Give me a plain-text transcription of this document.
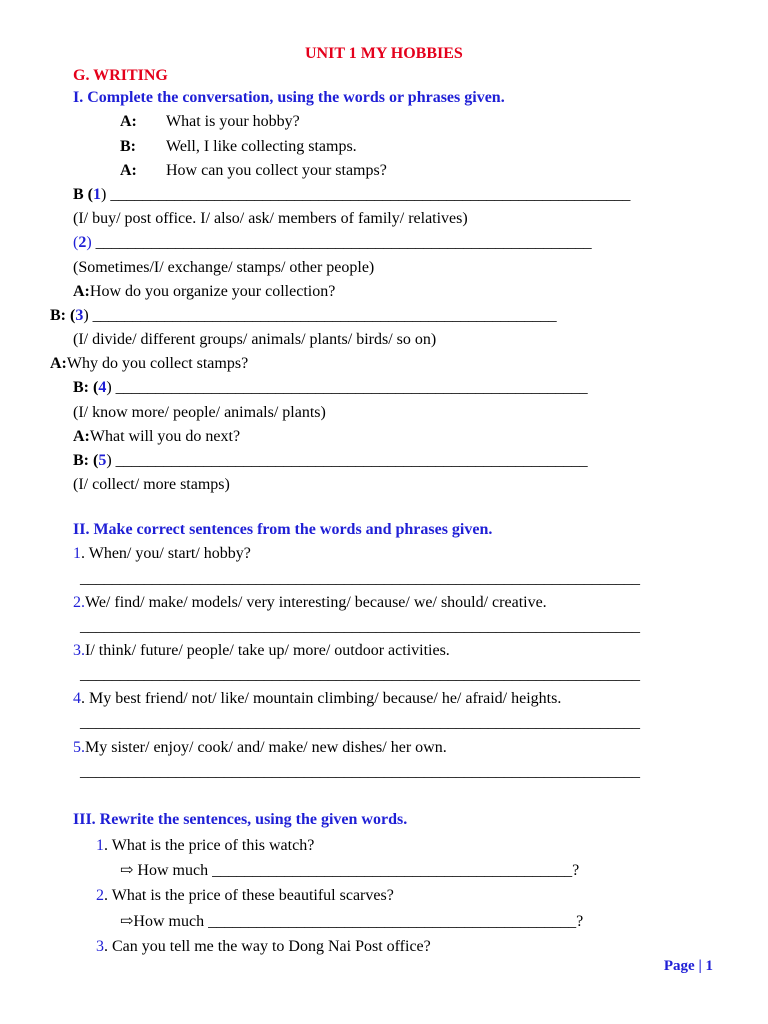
UNIT 1 MY HOBBIES
G. WRITING
I. Complete the conversation, using the words or phrases given.
A: What is your hobby?
B: Well, I like collecting stamps.
A: How can you collect your stamps?
B (1) _________________________________________________________________
(I/ buy/ post office. I/ also/ ask/ members of family/ relatives)
(2) ______________________________________________________________
(Sometimes/I/ exchange/ stamps/ other people)
A:How do you organize your collection?
B: (3) __________________________________________________________
(I/ divide/ different groups/ animals/ plants/ birds/ so on)
A:Why do you collect stamps?
B: (4) ___________________________________________________________
(I/ know more/ people/ animals/ plants)
A:What will you do next?
B: (5) ___________________________________________________________
(I/ collect/ more stamps)
II. Make correct sentences from the words and phrases given.
1. When/ you/ start/ hobby?
______________________________________________________________________
2.We/ find/ make/ models/ very interesting/ because/ we/ should/ creative.
______________________________________________________________________
3.I/ think/ future/ people/ take up/ more/ outdoor activities.
______________________________________________________________________
4. My best friend/ not/ like/ mountain climbing/ because/ he/ afraid/ heights.
______________________________________________________________________
5.My sister/ enjoy/ cook/ and/ make/ new dishes/ her own.
______________________________________________________________________
III. Rewrite the sentences, using the given words.
1. What is the price of this watch?
⇨ How much _____________________________________________?
2. What is the price of these beautiful scarves?
⇨How much ______________________________________________?
3. Can you tell me the way to Dong Nai Post office?
Page | 1
